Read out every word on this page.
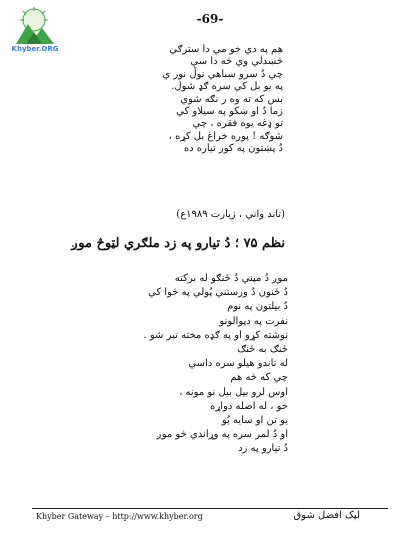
Khyber.ORG
-69-
هم په دي خو مي دا سترګي
څښدلي وي څه دا سي
چي دُ سرو سباهي نوڵ نور ي
په يو بل کي سره ګډ شول.
بس که ته وه ر نګه شوي
زما دُ او ښکو په سيلاو کي
تو ډغه يوه فقره ، چي
شوګه ! پوره خراغ بل کړه ،
دُ پښتون په کور تياره ده
(تاند واني ، زيارت ۱۹۸۹ع)
نظم ۷۵ ؛ دُ تيارو په زد ملګري لټوڅ موږ
موږ دُ مپني دُ ځنګو له برکته
دُ ځنون دُ ورستني پُولي په څوا کي
دُ بيلتون په نوم
نفرت په دپوالونو
نوشته کړو او په ګډه مخته تبر شو .
ځنګ به ځنګ
له تاندو هيلو سره داسي
چي که څه هم
اوس لرو بيل بيل نو مونه ،
خو ، له اصله دواړه
يو تن او سايه يُو
او دُ لمر سره په وړاندي څو موږ
دُ تيارو په زد
Khyber Gateway – http://www.khyber.org	لپک افضل شوق
